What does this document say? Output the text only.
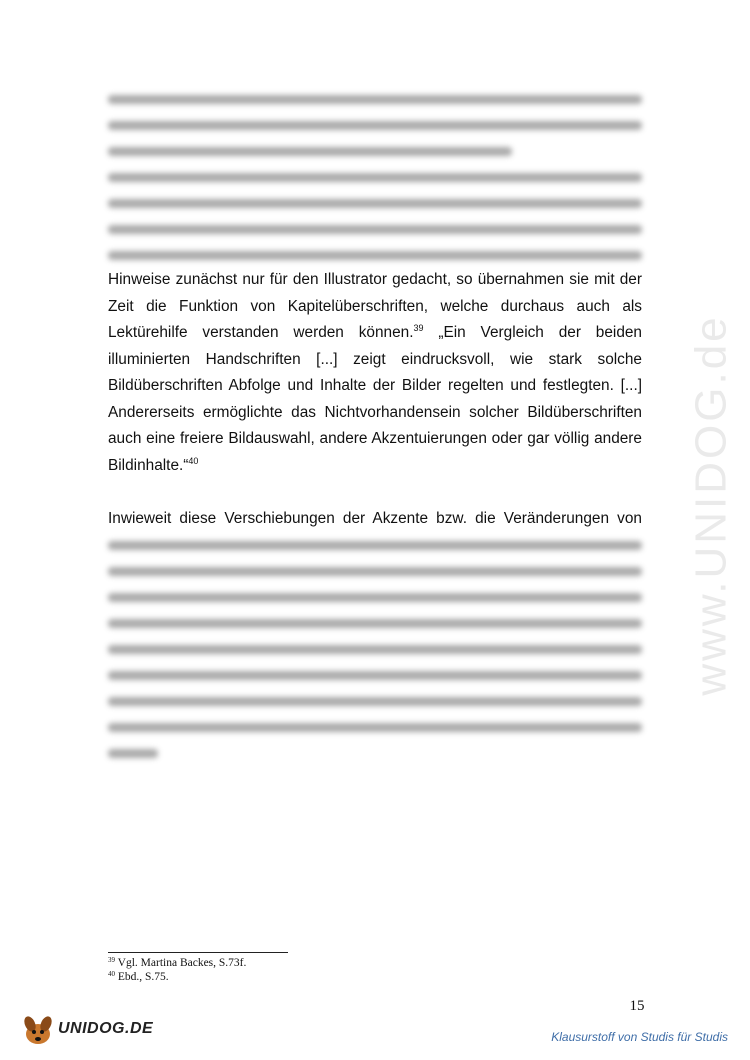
www.UNIDOG.de
Hinweise zunächst nur für den Illustrator gedacht, so übernahmen sie mit der
Zeit die Funktion von Kapitelüberschriften, welche durchaus auch als
Lektürehilfe verstanden werden können.$^{39}$ „Ein Vergleich der beiden
illuminierten Handschriften [...] zeigt eindrucksvoll, wie stark solche
Bildüberschriften Abfolge und Inhalte der Bilder regelten und festlegten. [...]
Andererseits ermöglichte das Nichtvorhandensein solcher Bildüberschriften
auch eine freiere Bildauswahl, andere Akzentuierungen oder gar völlig andere
Bildinhalte.“$^{40}$
Inwieweit diese Verschiebungen der Akzente bzw. die Veränderungen von
$^{39}$ Vgl. Martina Backes, S.73f.
$^{40}$ Ebd., S.75.
15
UNIDOG.DE	Klausurstoff von Studis für Studis
